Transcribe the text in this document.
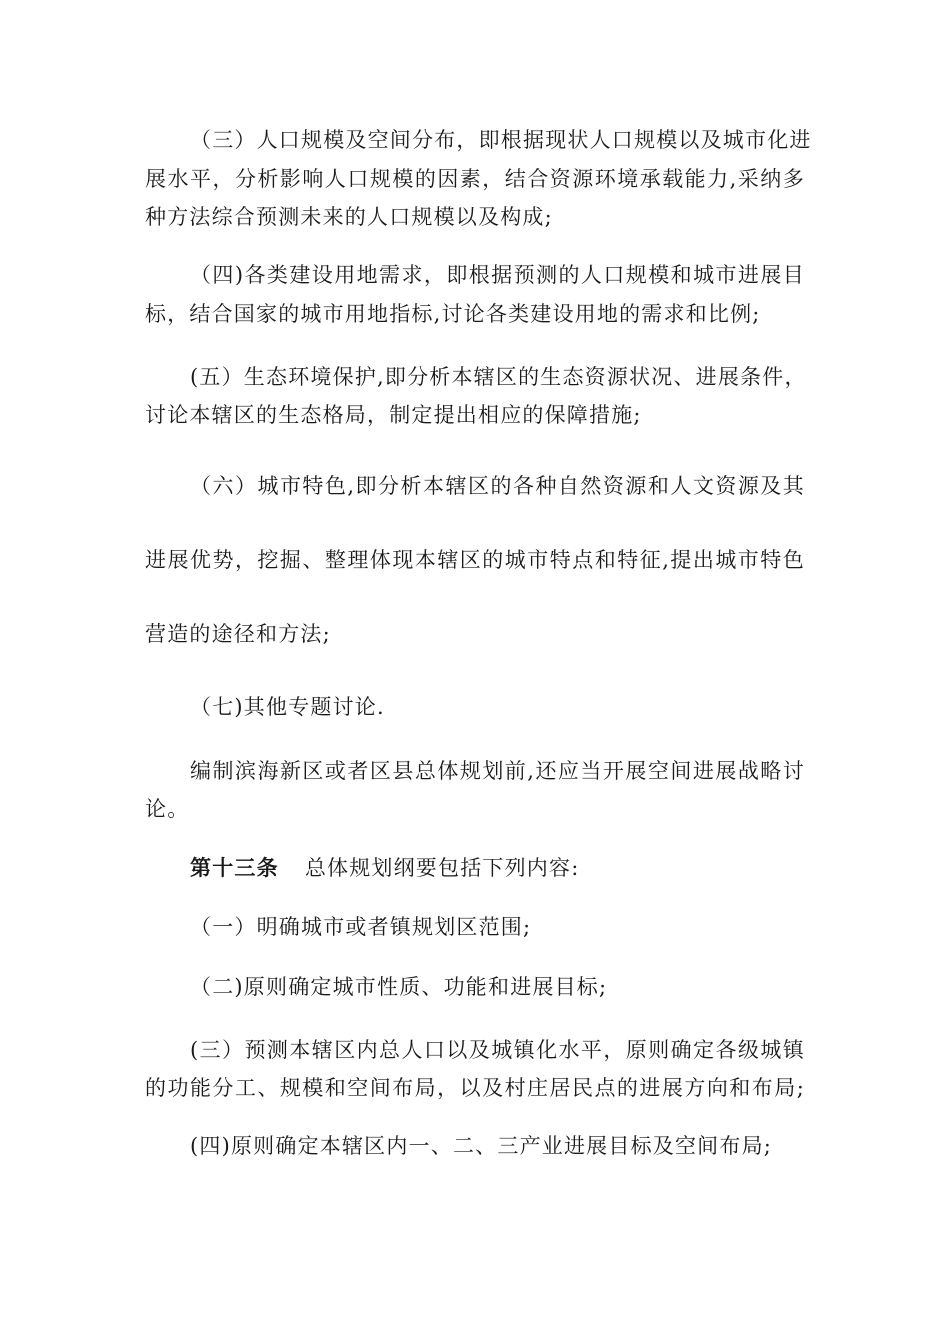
（三）人口规模及空间分布，即根据现状人口规模以及城市化进
展水平，分析影响人口规模的因素，结合资源环境承载能力,采纳多
种方法综合预测未来的人口规模以及构成;
（四)各类建设用地需求，即根据预测的人口规模和城市进展目
标，结合国家的城市用地指标,讨论各类建设用地的需求和比例;
(五）生态环境保护,即分析本辖区的生态资源状况、进展条件，
讨论本辖区的生态格局，制定提出相应的保障措施;
（六）城市特色,即分析本辖区的各种自然资源和人文资源及其
进展优势，挖掘、整理体现本辖区的城市特点和特征,提出城市特色
营造的途径和方法;
（七)其他专题讨论.
编制滨海新区或者区县总体规划前,还应当开展空间进展战略讨
论。
第十三条 总体规划纲要包括下列内容:
（一）明确城市或者镇规划区范围;
（二)原则确定城市性质、功能和进展目标;
(三）预测本辖区内总人口以及城镇化水平，原则确定各级城镇
的功能分工、规模和空间布局，以及村庄居民点的进展方向和布局;
(四)原则确定本辖区内一、二、三产业进展目标及空间布局;
